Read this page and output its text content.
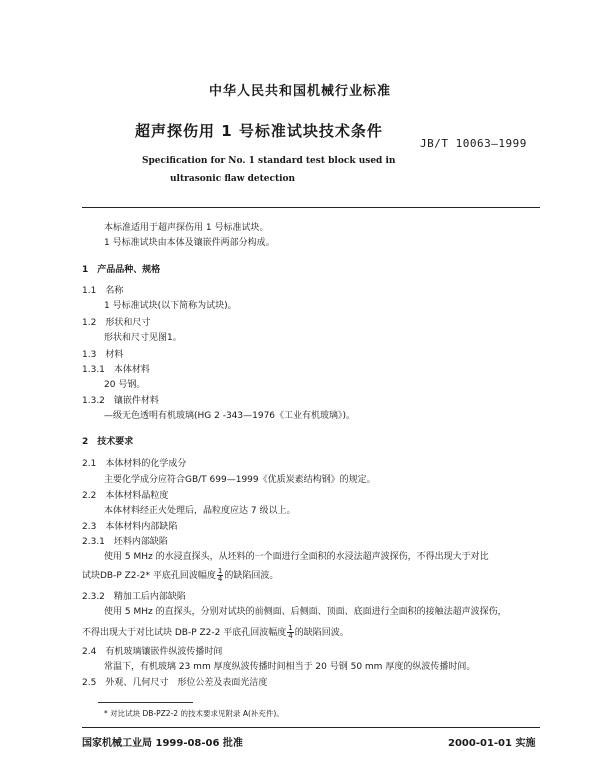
中华人民共和国机械行业标准
超声探伤用 1 号标准试块技术条件
JB/T 10063—1999
Specification for No. 1 standard test block used in
ultrasonic flaw detection
本标准适用于超声探伤用 1 号标准试块。
1 号标准试块由本体及镶嵌件两部分构成。
1　产品品种、规格
1.1　名称
1 号标准试块(以下简称为试块)。
1.2　形状和尺寸
形状和尺寸见图1。
1.3　材料
1.3.1　本体材料
20 号钢。
1.3.2　镶嵌件材料
—级无色透明有机玻璃(HG 2 -343—1976《工业有机玻璃》)。
2　技术要求
2.1　本体材料的化学成分
主要化学成分应符合GB/T 699—1999《优质炭素结构钢》的规定。
2.2　本体材料晶粒度
本体材料经正火处理后，晶粒度应达 7 级以上。
2.3　本体材料内部缺陷
2.3.1　坯料内部缺陷
使用 5 MHz 的水浸直探头，从坯料的一个面进行全面积的水浸法超声波探伤，不得出现大于对比
试块DB-P Z2-2* 平底孔回波幅度 $\frac{1}{4}$ 的缺陷回波。
2.3.2　精加工后内部缺陷
使用 5 MHz 的直探头，分别对试块的前侧面、后侧面、顶面、底面进行全面积的接触法超声波探伤，
不得出现大于对比试块 DB-P Z2-2 平底孔回波幅度 $\frac{1}{4}$ 的缺陷回波。
2.4　有机玻璃镶嵌件纵波传播时间
常温下，有机玻璃 23 mm 厚度纵波传播时间相当于 20 号钢 50 mm 厚度的纵波传播时间。
2.5　外观、几何尺寸　形位公差及表面光洁度
* 对比试块 DB-PZ2-2 的技术要求见附录 A(补充件)。
国家机械工业局 1999-08-06 批准	2000-01-01 实施
